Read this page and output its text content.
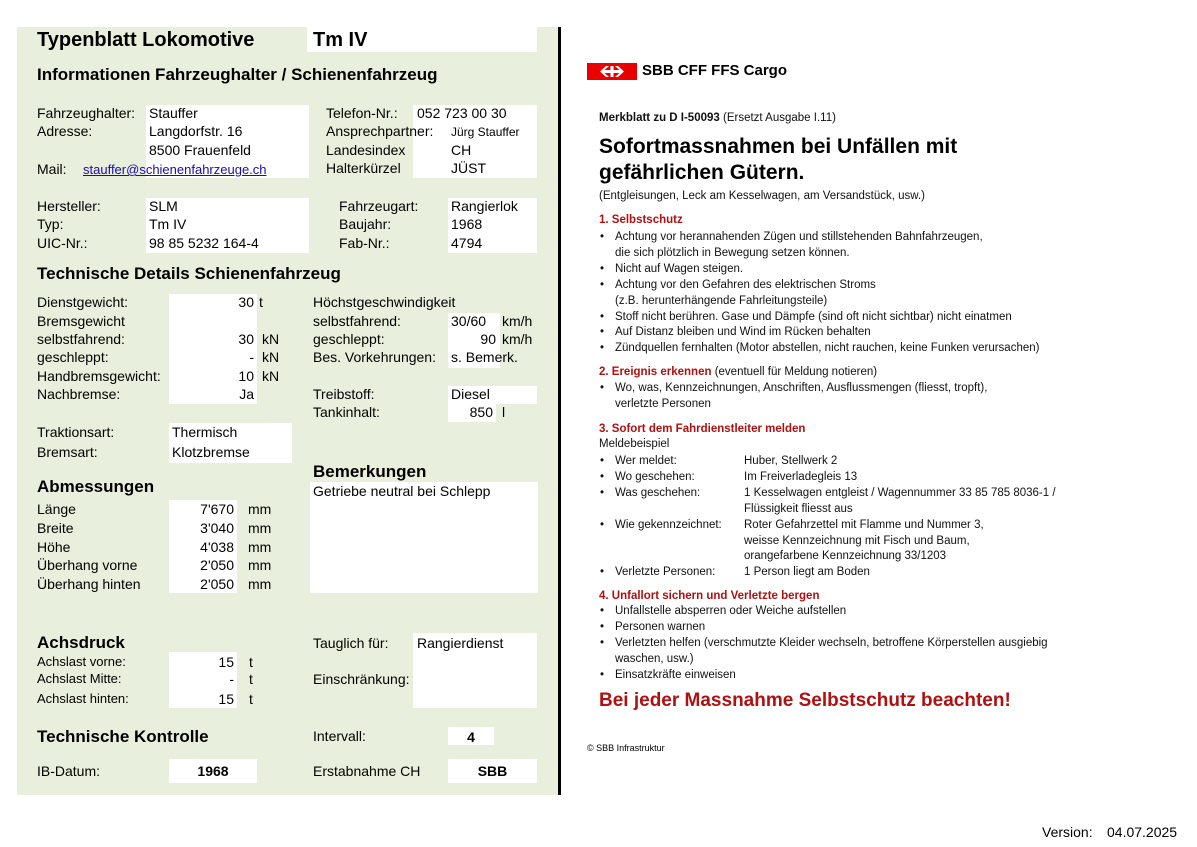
Typenblatt Lokomotive	Tm IV
Informationen Fahrzeughalter / Schienenfahrzeug
Fahrzeughalter: Stauffer
Adresse:	Langdorfstr. 16
8500 Frauenfeld
Mail: stauffer@schienenfahrzeuge.ch
Telefon-Nr.: 052 723 00 30
Ansprechpartner: Jürg Stauffer
Landesindex	CH
Halterkürzel	JÜST
Hersteller:	SLM
Typ:	Tm IV
UIC-Nr.:	98 85 5232 164-4
Fahrzeugart: Rangierlok
Baujahr:	1968
Fab-Nr.:	4794
Technische Details Schienenfahrzeug
Dienstgewicht:	30 t
Bremsgewicht
selbstfahrend:	30 kN
geschleppt:	- kN
Handbremsgewicht:	10 kN
Nachbremse:	Ja
Höchstgeschwindigkeit
selbstfahrend:	30/60 km/h
geschleppt:	90 km/h
Bes. Vorkehrungen: s. Bemerk.
Treibstoff:	Diesel
Tankinhalt:	850 l
Traktionsart:	Thermisch
Bremsart:	Klotzbremse
Abmessungen
Länge	7'670 mm
Breite	3'040 mm
Höhe	4'038 mm
Überhang vorne	2'050 mm
Überhang hinten	2'050 mm
Bemerkungen
Getriebe neutral bei Schlepp
Achsdruck
Achslast vorne:	15 t
Achslast Mitte:	- t
Achslast hinten:	15 t
Tauglich für: Rangierdienst
Einschränkung:
Technische Kontrolle	Intervall:	4
IB-Datum:	1968	Erstabnahme CH	SBB
SBB CFF FFS Cargo
Merkblatt zu D I-50093 (Ersetzt Ausgabe I.11)
Sofortmassnahmen bei Unfällen mit
gefährlichen Gütern.
(Entgleisungen, Leck am Kesselwagen, am Versandstück, usw.)
1. Selbstschutz
• Achtung vor herannahenden Zügen und stillstehenden Bahnfahrzeugen,
die sich plötzlich in Bewegung setzen können.
• Nicht auf Wagen steigen.
• Achtung vor den Gefahren des elektrischen Stroms
(z.B. herunterhängende Fahrleitungsteile)
• Stoff nicht berühren. Gase und Dämpfe (sind oft nicht sichtbar) nicht einatmen
• Auf Distanz bleiben und Wind im Rücken behalten
• Zündquellen fernhalten (Motor abstellen, nicht rauchen, keine Funken verursachen)
2. Ereignis erkennen (eventuell für Meldung notieren)
• Wo, was, Kennzeichnungen, Anschriften, Ausflussmengen (fliesst, tropft),
verletzte Personen
3. Sofort dem Fahrdienstleiter melden
Meldebeispiel
• Wer meldet:	Huber, Stellwerk 2
• Wo geschehen:	Im Freiverladegleis 13
• Was geschehen:	1 Kesselwagen entgleist / Wagennummer 33 85 785 8036-1 /
Flüssigkeit fliesst aus
• Wie gekennzeichnet: Roter Gefahrzettel mit Flamme und Nummer 3,
weisse Kennzeichnung mit Fisch und Baum,
orangefarbene Kennzeichnung 33/1203
• Verletzte Personen: 1 Person liegt am Boden
4. Unfallort sichern und Verletzte bergen
• Unfallstelle absperren oder Weiche aufstellen
• Personen warnen
• Verletzten helfen (verschmutzte Kleider wechseln, betroffene Körperstellen ausgiebig
waschen, usw.)
• Einsatzkräfte einweisen
Bei jeder Massnahme Selbstschutz beachten!
© SBB Infrastruktur
Version: 04.07.2025
